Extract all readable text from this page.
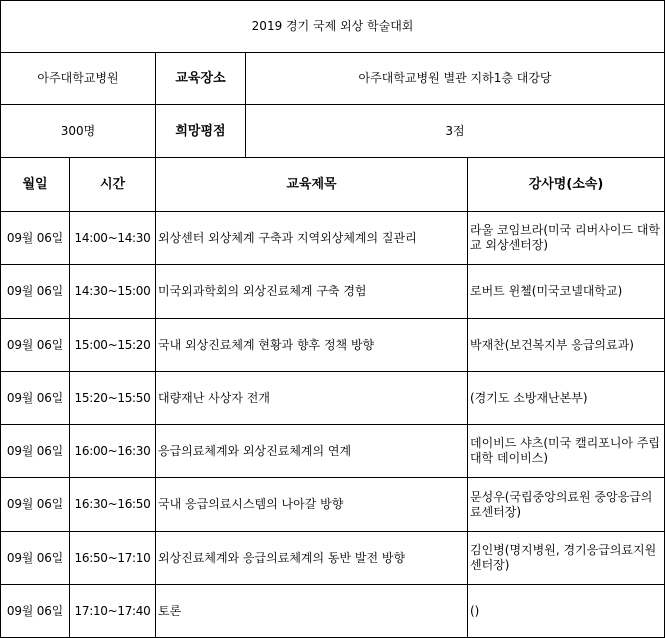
2019 경기 국제 외상 학술대회				
아주대학교병원		교육장소	아주대학교병원 별관 지하1층 대강당	
300명		희망평점	3점	
월일	시간	교육제목		강사명(소속)
09월 06일	14:00~14:30	외상센터 외상체계 구축과 지역외상체계의 질관리		라울 코임브라(미국 리버사이드 대학교 외상센터장)
09월 06일	14:30~15:00	미국외과학회의 외상진료체계 구축 경험		로버트 윈첼(미국코넬대학교)
09월 06일	15:00~15:20	국내 외상진료체계 현황과 향후 정책 방향		박재찬(보건복지부 응급의료과)
09월 06일	15:20~15:50	대량재난 사상자 전개		(경기도 소방재난본부)
09월 06일	16:00~16:30	응급의료체계와 외상진료체계의 연계		데이비드 샤츠(미국 캘리포니아 주립대학 데이비스)
09월 06일	16:30~16:50	국내 응급의료시스템의 나아갈 방향		문성우(국립중앙의료원 중앙응급의료센터장)
09월 06일	16:50~17:10	외상진료체계와 응급의료체계의 동반 발전 방향		김인병(명지병원, 경기응급의료지원센터장)
09월 06일	17:10~17:40	토론		()
